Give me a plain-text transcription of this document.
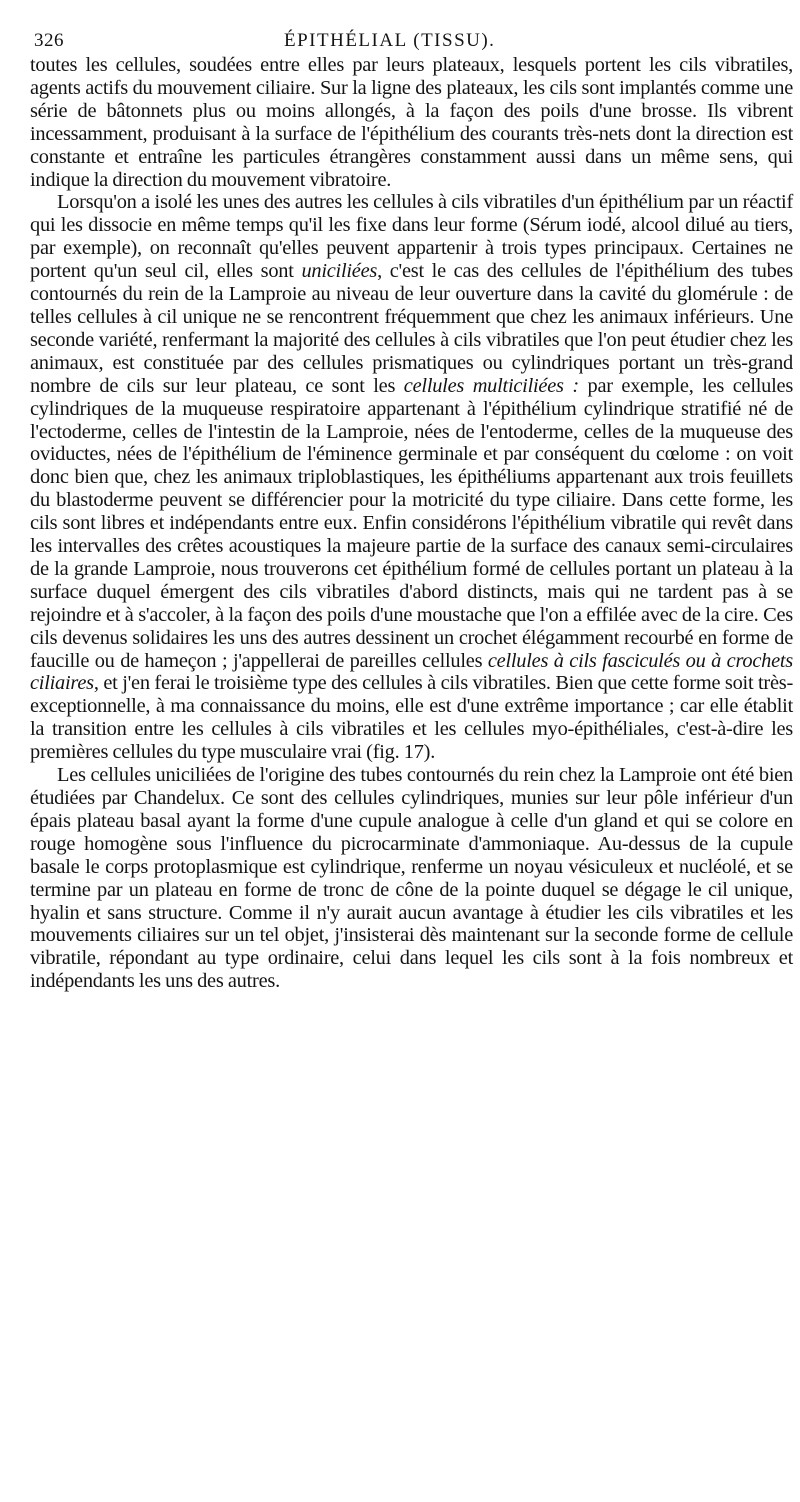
326	ÉPITHÉLIAL (TISSU).

toutes les cellules, soudées entre elles par leurs plateaux, lesquels portent les cils vibratiles, agents actifs du mouvement ciliaire. Sur la ligne des plateaux, les cils sont implantés comme une série de bâtonnets plus ou moins allongés, à la façon des poils d'une brosse. Ils vibrent incessamment, produisant à la surface de l'épithélium des courants très-nets dont la direction est constante et entraîne les particules étrangères constamment aussi dans un même sens, qui indique la direction du mouvement vibratoire.

Lorsqu'on a isolé les unes des autres les cellules à cils vibratiles d'un épithélium par un réactif qui les dissocie en même temps qu'il les fixe dans leur forme (Sérum iodé, alcool dilué au tiers, par exemple), on reconnaît qu'elles peuvent appartenir à trois types principaux. Certaines ne portent qu'un seul cil, elles sont uniciliées, c'est le cas des cellules de l'épithélium des tubes contournés du rein de la Lamproie au niveau de leur ouverture dans la cavité du glomérule : de telles cellules à cil unique ne se rencontrent fréquemment que chez les animaux inférieurs. Une seconde variété, renfermant la majorité des cellules à cils vibratiles que l'on peut étudier chez les animaux, est constituée par des cellules prismatiques ou cylindriques portant un très-grand nombre de cils sur leur plateau, ce sont les cellules multiciliées : par exemple, les cellules cylindriques de la muqueuse respiratoire appartenant à l'épithélium cylindrique stratifié né de l'ectoderme, celles de l'intestin de la Lamproie, nées de l'entoderme, celles de la muqueuse des oviductes, nées de l'épithélium de l'éminence germinale et par conséquent du cœlome : on voit donc bien que, chez les animaux triploblastiques, les épithéliums appartenant aux trois feuillets du blastoderme peuvent se différencier pour la motricité du type ciliaire. Dans cette forme, les cils sont libres et indépendants entre eux. Enfin considérons l'épithélium vibratile qui revêt dans les intervalles des crêtes acoustiques la majeure partie de la surface des canaux semi-circulaires de la grande Lamproie, nous trouverons cet épithélium formé de cellules portant un plateau à la surface duquel émergent des cils vibratiles d'abord distincts, mais qui ne tardent pas à se rejoindre et à s'accoler, à la façon des poils d'une moustache que l'on a effilée avec de la cire. Ces cils devenus solidaires les uns des autres dessinent un crochet élégamment recourbé en forme de faucille ou de hameçon ; j'appellerai de pareilles cellules cellules à cils fasciculés ou à crochets ciliaires, et j'en ferai le troisième type des cellules à cils vibratiles. Bien que cette forme soit très-exceptionnelle, à ma connaissance du moins, elle est d'une extrême importance ; car elle établit la transition entre les cellules à cils vibratiles et les cellules myo-épithéliales, c'est-à-dire les premières cellules du type musculaire vrai (fig. 17).

Les cellules uniciliées de l'origine des tubes contournés du rein chez la Lamproie ont été bien étudiées par Chandelux. Ce sont des cellules cylindriques, munies sur leur pôle inférieur d'un épais plateau basal ayant la forme d'une cupule analogue à celle d'un gland et qui se colore en rouge homogène sous l'influence du picrocarminate d'ammoniaque. Au-dessus de la cupule basale le corps protoplasmique est cylindrique, renferme un noyau vésiculeux et nucléolé, et se termine par un plateau en forme de tronc de cône de la pointe duquel se dégage le cil unique, hyalin et sans structure. Comme il n'y aurait aucun avantage à étudier les cils vibratiles et les mouvements ciliaires sur un tel objet, j'insisterai dès maintenant sur la seconde forme de cellule vibratile, répondant au type ordinaire, celui dans lequel les cils sont à la fois nombreux et indépendants les uns des autres.
